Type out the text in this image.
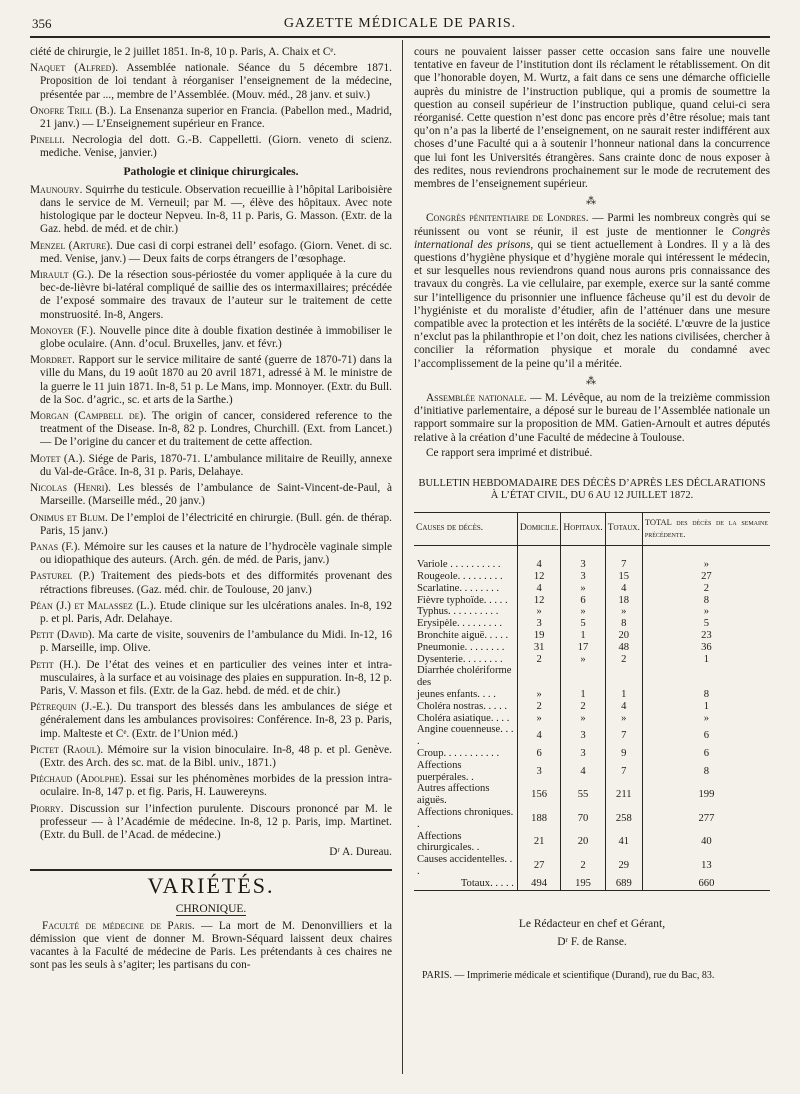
356	GAZETTE MÉDICALE DE PARIS.

ciété de chirurgie, le 2 juillet 1851. In-8, 10 p. Paris, A. Chaix et Cᵉ.

Naquet (Alfred). Assemblée nationale. Séance du 5 décembre 1871. Proposition de loi tendant à réorganiser l’enseignement de la médecine, présentée par ..., membre de l’Assemblée. (Mouv. méd., 28 janv. et suiv.)

Onofre Trill (B.). La Ensenanza superior en Francia. (Pabellon med., Madrid, 21 janv.) — L’Enseignement supérieur en France.

Pinelli. Necrologia del dott. G.-B. Cappelletti. (Giorn. veneto di scienz. mediche. Venise, janvier.)

Pathologie et clinique chirurgicales.

Maunoury. Squirrhe du testicule. Observation recueillie à l’hôpital Lariboisière dans le service de M. Verneuil; par M. —, élève des hôpitaux. Avec note histologique par le docteur Nepveu. In-8, 11 p. Paris, G. Masson. (Extr. de la Gaz. hebd. de méd. et de chir.)

Menzel (Arture). Due casi di corpi estranei dell’ esofago. (Giorn. Venet. di sc. med. Venise, janv.) — Deux faits de corps étrangers de l’œsophage.

Mirault (G.). De la résection sous-périostée du vomer appliquée à la cure du bec-de-lièvre bi-latéral compliqué de saillie des os intermaxillaires; précédée de l’exposé sommaire des travaux de l’auteur sur le traitement de cette monstruosité. In-8, Angers.

Monoyer (F.). Nouvelle pince dite à double fixation destinée à immobiliser le globe oculaire. (Ann. d’ocul. Bruxelles, janv. et févr.)

Mordret. Rapport sur le service militaire de santé (guerre de 1870-71) dans la ville du Mans, du 19 août 1870 au 20 avril 1871, adressé à M. le ministre de la guerre le 11 juin 1871. In-8, 51 p. Le Mans, imp. Monnoyer. (Extr. du Bull. de la Soc. d’agric., sc. et arts de la Sarthe.)

Morgan (Campbell de). The origin of cancer, considered reference to the treatment of the Disease. In-8, 82 p. Londres, Churchill. (Ext. from Lancet.) — De l’origine du cancer et du traitement de cette affection.

Motet (A.). Siége de Paris, 1870-71. L’ambulance militaire de Reuilly, annexe du Val-de-Grâce. In-8, 31 p. Paris, Delahaye.

Nicolas (Henri). Les blessés de l’ambulance de Saint-Vincent-de-Paul, à Marseille. (Marseille méd., 20 janv.)

Onimus et Blum. De l’emploi de l’électricité en chirurgie. (Bull. gén. de thérap. Paris, 15 janv.)

Panas (F.). Mémoire sur les causes et la nature de l’hydrocèle vaginale simple ou idiopathique des auteurs. (Arch. gén. de méd. de Paris, janv.)

Pasturel (P.) Traitement des pieds-bots et des difformités provenant des rétractions fibreuses. (Gaz. méd. chir. de Toulouse, 20 janv.)

Péan (J.) et Malassez (L.). Etude clinique sur les ulcérations anales. In-8, 192 p. et pl. Paris, Adr. Delahaye.

Petit (David). Ma carte de visite, souvenirs de l’ambulance du Midi. In-12, 16 p. Marseille, imp. Olive.

Petit (H.). De l’état des veines et en particulier des veines inter et intra-musculaires, à la surface et au voisinage des plaies en suppuration. In-8, 12 p. Paris, V. Masson et fils. (Extr. de la Gaz. hebd. de méd. et de chir.)

Pétrequin (J.-E.). Du transport des blessés dans les ambulances de siége et généralement dans les ambulances provisoires: Conférence. In-8, 23 p. Paris, imp. Malteste et Cᵉ. (Extr. de l’Union méd.)

Pictet (Raoul). Mémoire sur la vision binoculaire. In-8, 48 p. et pl. Genève. (Extr. des Arch. des sc. mat. de la Bibl. univ., 1871.)

Piéchaud (Adolphe). Essai sur les phénomènes morbides de la pression intra-oculaire. In-8, 147 p. et fig. Paris, H. Lauwereyns.

Piorry. Discussion sur l’infection purulente. Discours prononcé par M. le professeur — à l’Académie de médecine. In-8, 12 p. Paris, imp. Martinet. (Extr. du Bull. de l’Acad. de médecine.)

Dʳ A. Dureau.
VARIÉTÉS.
CHRONIQUE.

Faculté de médecine de Paris. — La mort de M. Denonvilliers et la démission que vient de donner M. Brown-Séquard laissent deux chaires vacantes à la Faculté de médecine de Paris. Les prétendants à ces chaires ne sont pas les seuls à s’agiter; les partisans du con-

cours ne pouvaient laisser passer cette occasion sans faire une nouvelle tentative en faveur de l’institution dont ils réclament le rétablissement. On dit que l’honorable doyen, M. Wurtz, a fait dans ce sens une démarche officielle auprès du ministre de l’instruction publique, qui a promis de soumettre la question au conseil supérieur de l’instruction publique, quand celui-ci sera réorganisé. Cette question n’est donc pas encore près d’être résolue; mais tant qu’on n’a pas la liberté de l’enseignement, on ne saurait rester indifférent aux choses d’une Faculté qui a à soutenir l’honneur national dans la concurrence que lui font les Universités étrangères. Sans crainte donc de nous exposer à des redites, nous reviendrons prochainement sur le mode de recrutement des membres de l’enseignement supérieur.

⁂

Congrès pénitentiaire de Londres. — Parmi les nombreux congrès qui se réunissent ou vont se réunir, il est juste de mentionner le Congrès international des prisons, qui se tient actuellement à Londres. Il y a là des questions d’hygiène physique et d’hygiène morale qui intéressent le médecin, et sur lesquelles nous reviendrons quand nous aurons pris connaissance des travaux du congrès. La vie cellulaire, par exemple, exerce sur la santé comme sur l’intelligence du prisonnier une influence fâcheuse qu’il est du devoir de l’hygiéniste et du moraliste d’étudier, afin de l’atténuer dans une mesure compatible avec la protection et les intérêts de la société. L’œuvre de la justice n’exclut pas la philanthropie et l’on doit, chez les nations civilisées, chercher à concilier la réformation physique et morale du condamné avec l’accomplissement de la peine qu’il a méritée.

⁂

Assemblée nationale. — M. Lévêque, au nom de la treizième commission d’initiative parlementaire, a déposé sur le bureau de l’Assemblée nationale un rapport sommaire sur la proposition de MM. Gatien-Arnoult et autres députés relative à la création d’une Faculté de médecine à Toulouse.

Ce rapport sera imprimé et distribué.

BULLETIN HEBDOMADAIRE DES DÉCÈS D’APRÈS LES DÉCLARATIONS À L’ÉTAT CIVIL, DU 6 AU 12 JUILLET 1872.
Causes de décès.	Domicile.	Hopitaux.	Totaux.	TOTAL des décès de la semaine précédente.

Variole . . . . . . . . . .	4	3	7	»
Rougeole. . . . . . . . .	12	3	15	27
Scarlatine. . . . . . . .	4	»	4	2
Fièvre typhoïde. . . . .	12	6	18	8
Typhus. . . . . . . . . .	»	»	»	»
Erysipèle. . . . . . . . .	3	5	8	5
Bronchite aiguë. . . . .	19	1	20	23
Pneumonie. . . . . . . .	31	17	48	36
Dysenterie. . . . . . . .	2	»	2	1
Diarrhée cholériforme des				
jeunes enfants. . . .	»	1	1	8
Choléra nostras. . . . .	2	2	4	1
Choléra asiatique. . . .	»	»	»	»
Angine couenneuse. . . .	4	3	7	6
Croup. . . . . . . . . . .	6	3	9	6
Affections puerpérales. .	3	4	7	8
Autres affections aiguës.	156	55	211	199
Affections chroniques. .	188	70	258	277
Affections chirurgicales. .	21	20	41	40
Causes accidentelles. . .	27	2	29	13
Totaux. . . . .	494	195	689	660
Le Rédacteur en chef et Gérant,
Dʳ F. de Ranse.
PARIS. — Imprimerie médicale et scientifique (Durand), rue du Bac, 83.
